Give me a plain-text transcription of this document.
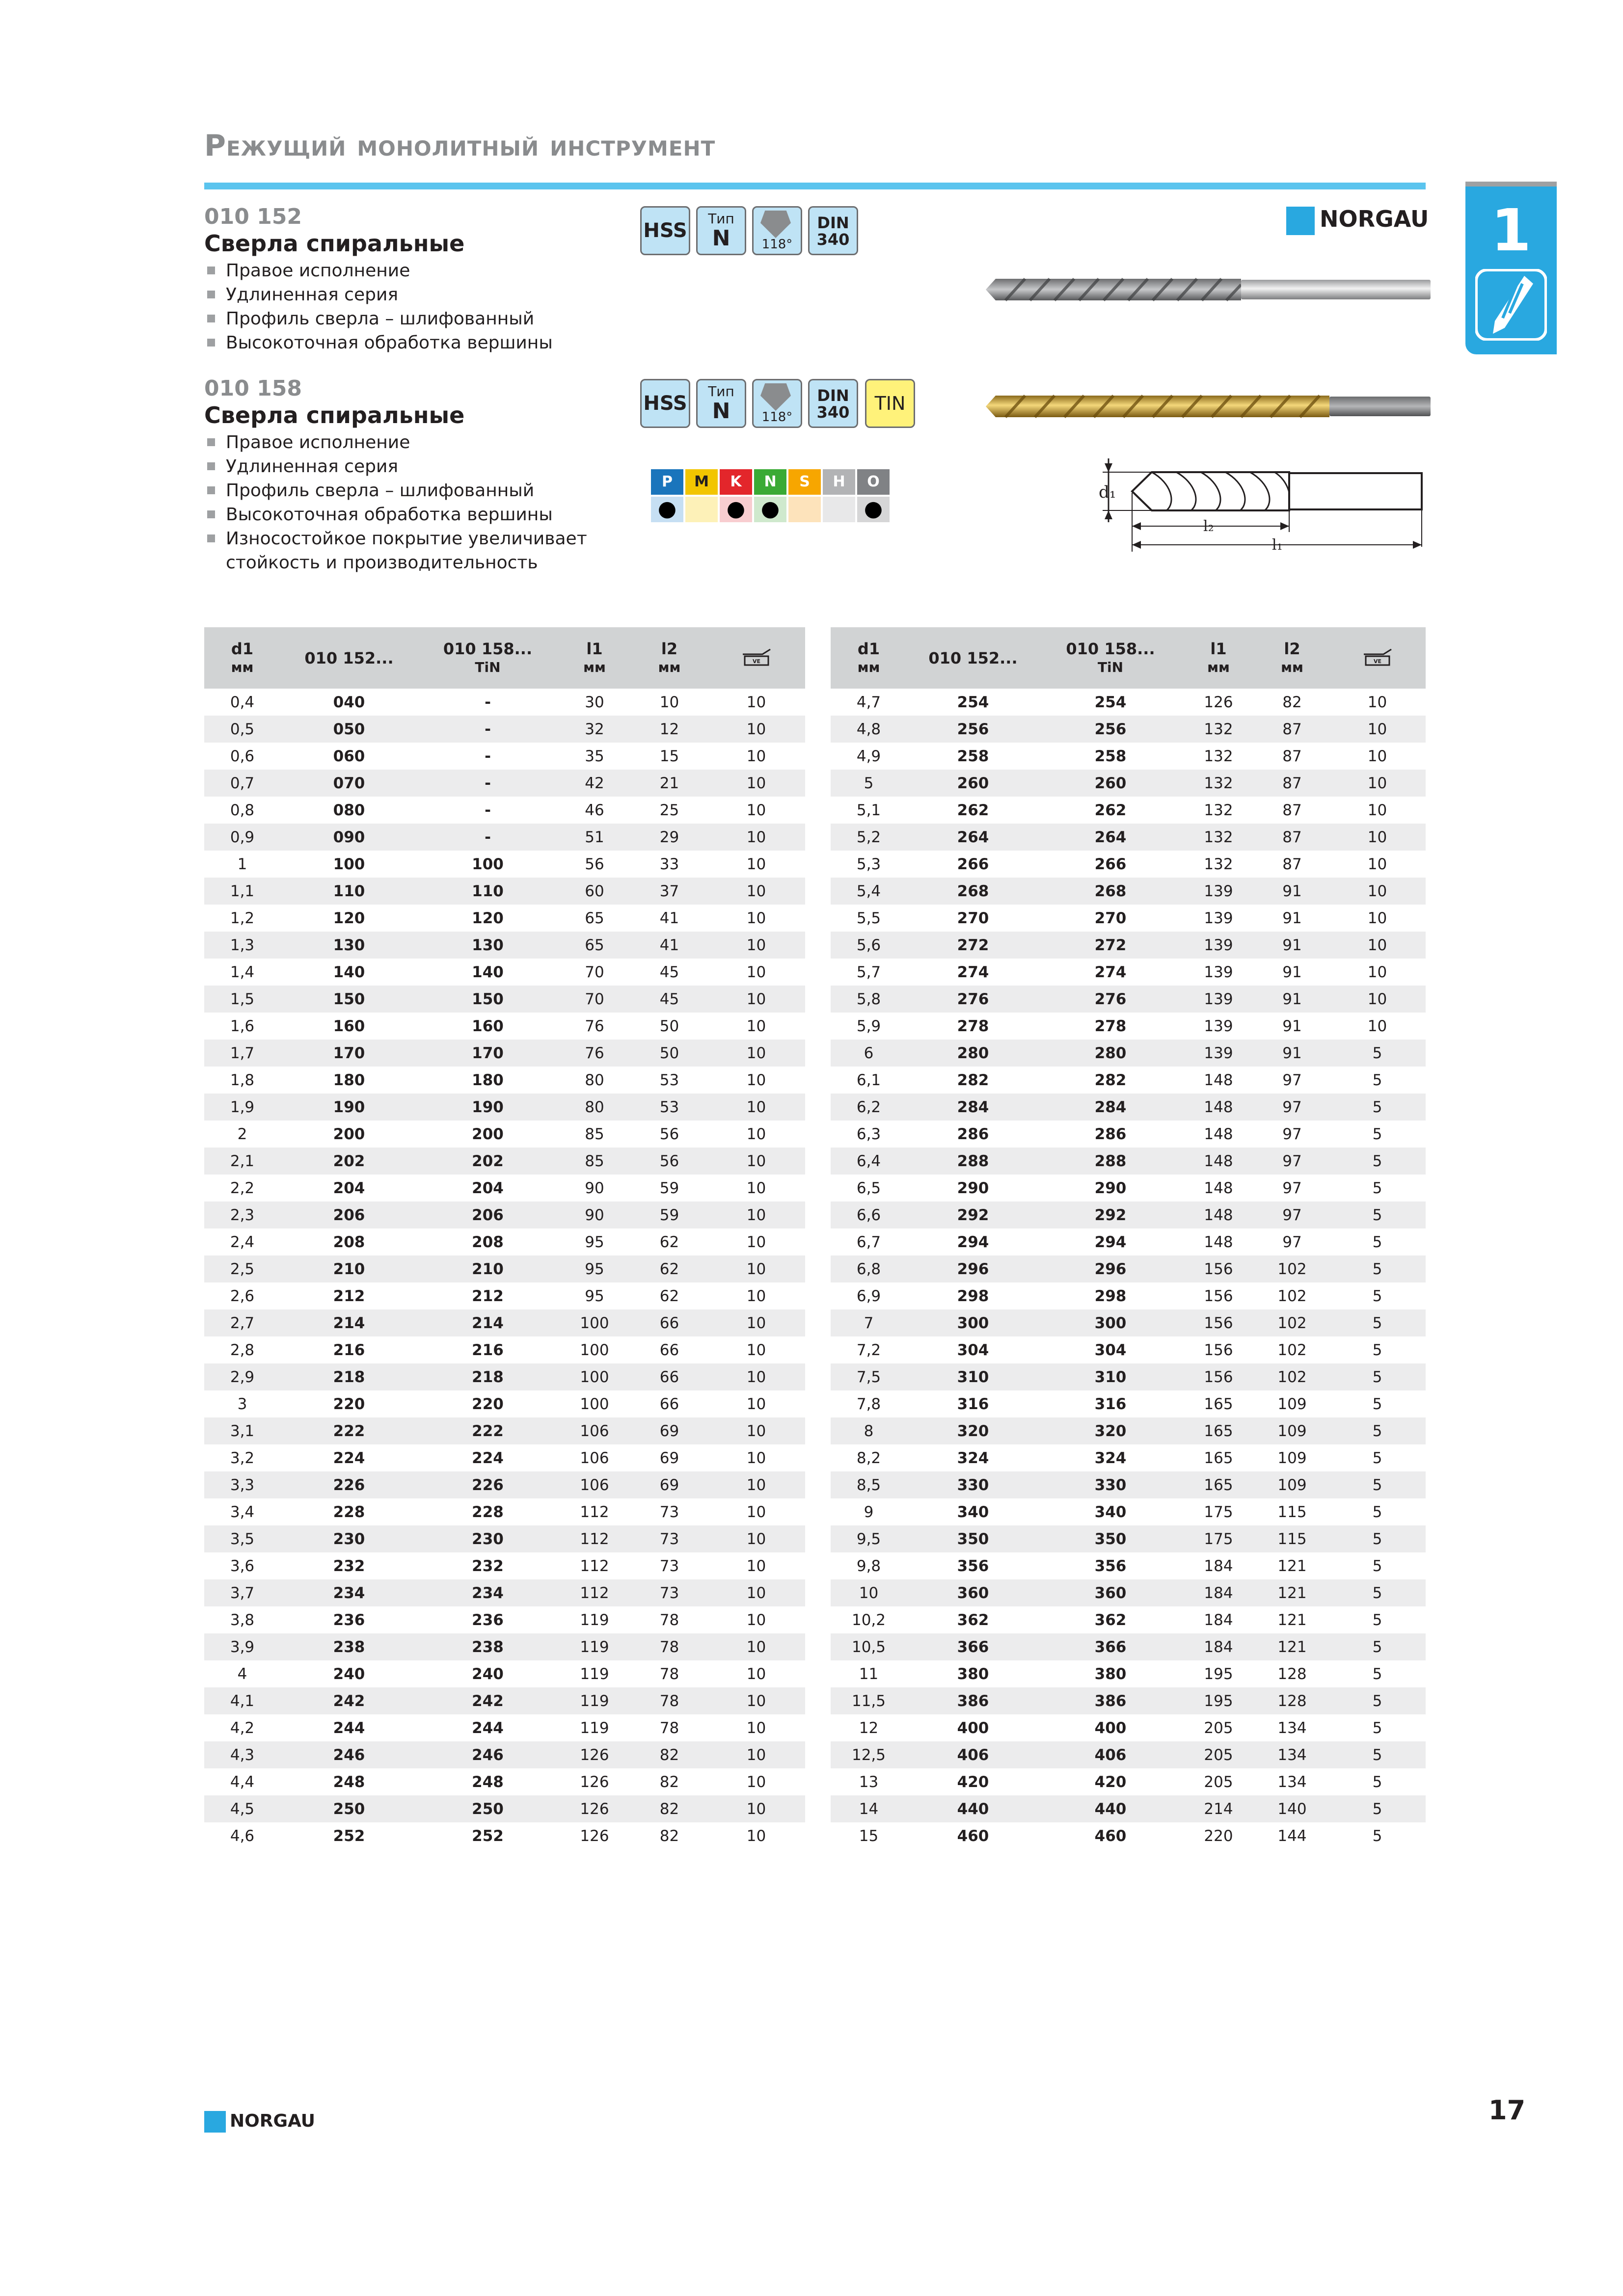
Режущий монолитный инструмент
1
NORGAU
010 152
Сверла спиральные
Правое исполнение
Удлиненная серия
Профиль сверла – шлифованный
Высокоточная обработка вершины
HSS
Тип
N	118°
DIN
340
010 158
Сверла спиральные
Правое исполнение
Удлиненная серия
Профиль сверла – шлифованный
Высокоточная обработка вершины
Износостойкое покрытие увеличивает
стойкость и производительность
HSS
Тип
N	118°
DIN
340	TIN
P	M	K	N	S	H	O
●	● ●	●
d₁
l₂
l₁
d1
мм	010 152...	010 158...
TiN	l1
мм	l2
мм	VE

0,4	040	-	30	10	10
0,5	050	-	32	12	10
0,6	060	-	35	15	10
0,7	070	-	42	21	10
0,8	080	-	46	25	10
0,9	090	-	51	29	10
1	100	100	56	33	10
1,1	110	110	60	37	10
1,2	120	120	65	41	10
1,3	130	130	65	41	10
1,4	140	140	70	45	10
1,5	150	150	70	45	10
1,6	160	160	76	50	10
1,7	170	170	76	50	10
1,8	180	180	80	53	10
1,9	190	190	80	53	10
2	200	200	85	56	10
2,1	202	202	85	56	10
2,2	204	204	90	59	10
2,3	206	206	90	59	10
2,4	208	208	95	62	10
2,5	210	210	95	62	10
2,6	212	212	95	62	10
2,7	214	214	100	66	10
2,8	216	216	100	66	10
2,9	218	218	100	66	10
3	220	220	100	66	10
3,1	222	222	106	69	10
3,2	224	224	106	69	10
3,3	226	226	106	69	10
3,4	228	228	112	73	10
3,5	230	230	112	73	10
3,6	232	232	112	73	10
3,7	234	234	112	73	10
3,8	236	236	119	78	10
3,9	238	238	119	78	10
4	240	240	119	78	10
4,1	242	242	119	78	10
4,2	244	244	119	78	10
4,3	246	246	126	82	10
4,4	248	248	126	82	10
4,5	250	250	126	82	10
4,6	252	252	126	82	10
d1
мм	010 152...	010 158...
TiN	l1
мм	l2
мм	VE

4,7	254	254	126	82	10
4,8	256	256	132	87	10
4,9	258	258	132	87	10
5	260	260	132	87	10
5,1	262	262	132	87	10
5,2	264	264	132	87	10
5,3	266	266	132	87	10
5,4	268	268	139	91	10
5,5	270	270	139	91	10
5,6	272	272	139	91	10
5,7	274	274	139	91	10
5,8	276	276	139	91	10
5,9	278	278	139	91	10
6	280	280	139	91	5
6,1	282	282	148	97	5
6,2	284	284	148	97	5
6,3	286	286	148	97	5
6,4	288	288	148	97	5
6,5	290	290	148	97	5
6,6	292	292	148	97	5
6,7	294	294	148	97	5
6,8	296	296	156	102	5
6,9	298	298	156	102	5
7	300	300	156	102	5
7,2	304	304	156	102	5
7,5	310	310	156	102	5
7,8	316	316	165	109	5
8	320	320	165	109	5
8,2	324	324	165	109	5
8,5	330	330	165	109	5
9	340	340	175	115	5
9,5	350	350	175	115	5
9,8	356	356	184	121	5
10	360	360	184	121	5
10,2	362	362	184	121	5
10,5	366	366	184	121	5
11	380	380	195	128	5
11,5	386	386	195	128	5
12	400	400	205	134	5
12,5	406	406	205	134	5
13	420	420	205	134	5
14	440	440	214	140	5
15	460	460	220	144	5
NORGAU	17
